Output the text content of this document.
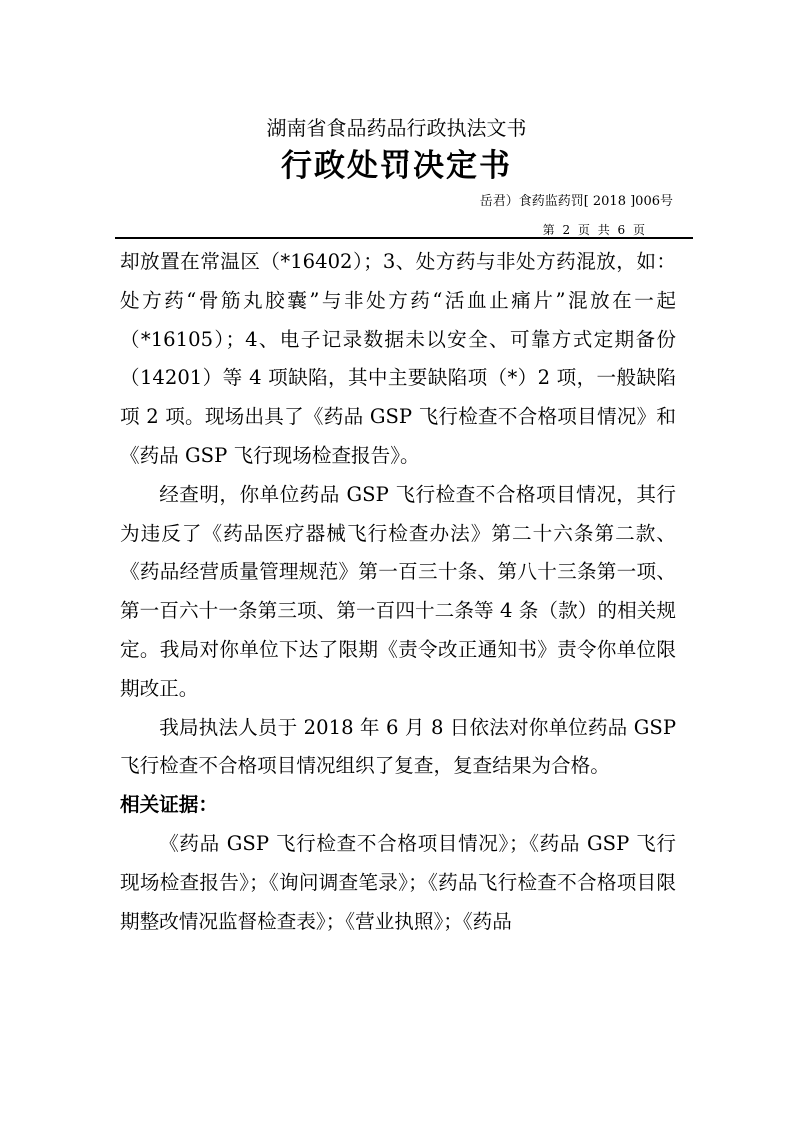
湖南省食品药品行政执法文书
行政处罚决定书
岳君）食药监药罚[ 2018 ]006号
第 2 页 共 6 页

却放置在常温区（*16402）；3、处方药与非处方药混放，如：处方药“骨筋丸胶囊”与非处方药“活血止痛片”混放在一起（*16105）；4、电子记录数据未以安全、可靠方式定期备份（14201）等 4 项缺陷，其中主要缺陷项（*）2 项，一般缺陷项 2 项。现场出具了《药品 GSP 飞行检查不合格项目情况》和《药品 GSP 飞行现场检查报告》。

经查明，你单位药品 GSP 飞行检查不合格项目情况，其行为违反了《药品医疗器械飞行检查办法》第二十六条第二款、《药品经营质量管理规范》第一百三十条、第八十三条第一项、第一百六十一条第三项、第一百四十二条等 4 条（款）的相关规定。我局对你单位下达了限期《责令改正通知书》责令你单位限期改正。

我局执法人员于 2018 年 6 月 8 日依法对你单位药品 GSP 飞行检查不合格项目情况组织了复查，复查结果为合格。

相关证据：

《药品 GSP 飞行检查不合格项目情况》；《药品 GSP 飞行现场检查报告》；《询问调查笔录》；《药品飞行检查不合格项目限期整改情况监督检查表》；《营业执照》；《药品
